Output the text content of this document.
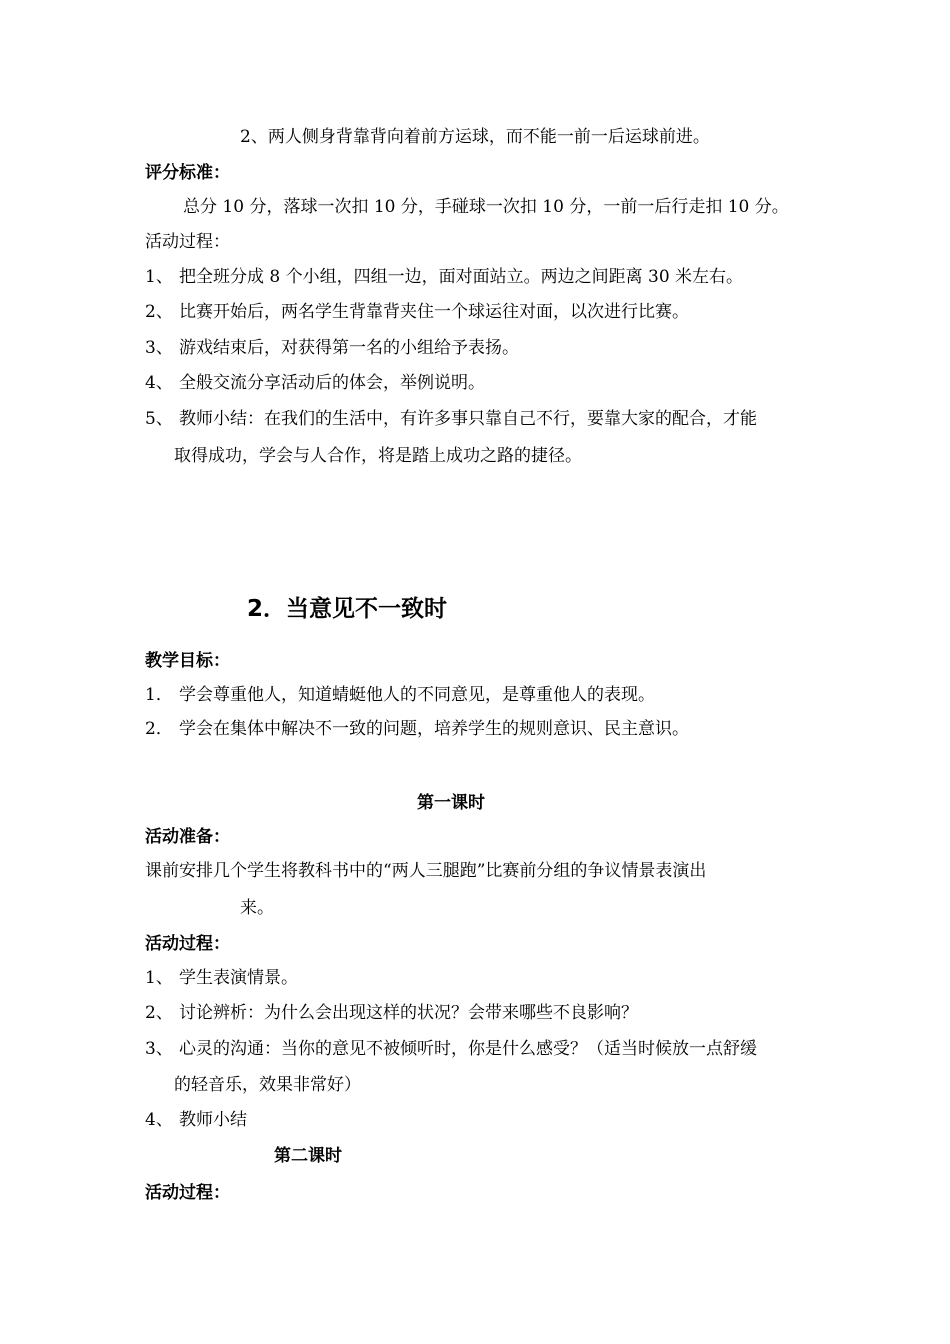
2、两人侧身背靠背向着前方运球，而不能一前一后运球前进。
评分标准：
总分 10 分，落球一次扣 10 分，手碰球一次扣 10 分，一前一后行走扣 10 分。
活动过程：
1、 把全班分成 8 个小组，四组一边，面对面站立。两边之间距离 30 米左右。
2、 比赛开始后，两名学生背靠背夹住一个球运往对面，以次进行比赛。
3、 游戏结束后，对获得第一名的小组给予表扬。
4、 全般交流分享活动后的体会，举例说明。
5、 教师小结：在我们的生活中，有许多事只靠自己不行，要靠大家的配合，才能
取得成功，学会与人合作，将是踏上成功之路的捷径。
2．当意见不一致时
教学目标：
1． 学会尊重他人，知道蜻蜓他人的不同意见，是尊重他人的表现。
2． 学会在集体中解决不一致的问题，培养学生的规则意识、民主意识。
第一课时
活动准备：
课前安排几个学生将教科书中的“两人三腿跑”比赛前分组的争议情景表演出
来。
活动过程：
1、 学生表演情景。
2、 讨论辨析：为什么会出现这样的状况？会带来哪些不良影响？
3、 心灵的沟通：当你的意见不被倾听时，你是什么感受？（适当时候放一点舒缓
的轻音乐，效果非常好）
4、 教师小结
第二课时
活动过程：
